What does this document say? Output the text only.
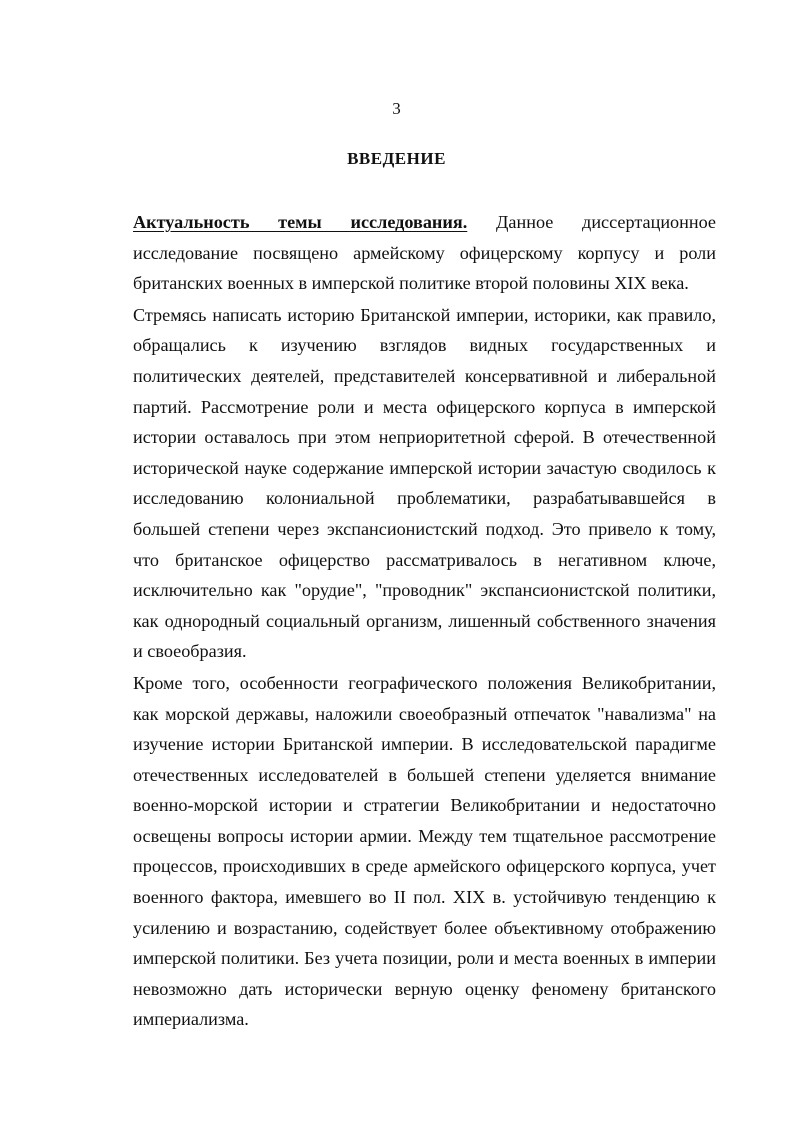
3
ВВЕДЕНИЕ

Актуальность темы исследования. Данное диссертационное исследование посвящено армейскому офицерскому корпусу и роли британских военных в имперской политике второй половины XIX века.

Стремясь написать историю Британской империи, историки, как правило, обращались к изучению взглядов видных государственных и политических деятелей, представителей консервативной и либеральной партий. Рассмотрение роли и места офицерского корпуса в имперской истории оставалось при этом неприоритетной сферой. В отечественной исторической науке содержание имперской истории зачастую сводилось к исследованию колониальной проблематики, разрабатывавшейся в большей степени через экспансионистский подход. Это привело к тому, что британское офицерство рассматривалось в негативном ключе, исключительно как "орудие", "проводник" экспансионистской политики, как однородный социальный организм, лишенный собственного значения и своеобразия.

Кроме того, особенности географического положения Великобритании, как морской державы, наложили своеобразный отпечаток "навализма" на изучение истории Британской империи. В исследовательской парадигме отечественных исследователей в большей степени уделяется внимание военно-морской истории и стратегии Великобритании и недостаточно освещены вопросы истории армии. Между тем тщательное рассмотрение процессов, происходивших в среде армейского офицерского корпуса, учет военного фактора, имевшего во II пол. XIX в. устойчивую тенденцию к усилению и возрастанию, содействует более объективному отображению имперской политики. Без учета позиции, роли и места военных в империи невозможно дать исторически верную оценку феномену британского империализма.
